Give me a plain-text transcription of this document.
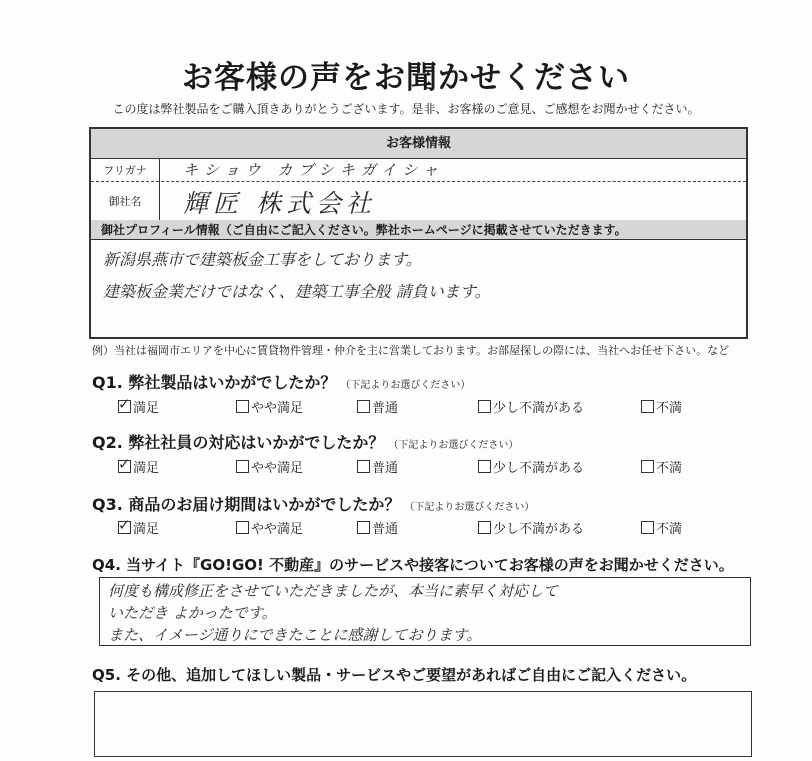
お客様の声をお聞かせください
この度は弊社製品をご購入頂きありがとうございます。是非、お客様のご意見、ご感想をお聞かせください。
お客様情報
フリガナ	キショウ カブシキガイシャ
御社名	輝匠 株式会社
御社プロフィール情報（ご自由にご記入ください。弊社ホームページに掲載させていただきます。
新潟県燕市で建築板金工事をしております。
建築板金業だけではなく、建築工事全般 請負います。
例）当社は福岡市エリアを中心に賃貸物件管理・仲介を主に営業しております。お部屋探しの際には、当社へお任せ下さい。など
Q1. 弊社製品はいかがでしたか？ （下記よりお選びください）
✓ 満足	やや満足	普通	少し不満がある	不満
Q2. 弊社社員の対応はいかがでしたか？ （下記よりお選びください）
✓ 満足	やや満足	普通	少し不満がある	不満
Q3. 商品のお届け期間はいかがでしたか？ （下記よりお選びください）
✓ 満足	やや満足	普通	少し不満がある	不満
Q4. 当サイト『GO!GO! 不動産』のサービスや接客についてお客様の声をお聞かせください。
何度も構成修正をさせていただきましたが、本当に素早く対応して
いただき よかったです。
また、イメージ通りにできたことに感謝しております。
Q5. その他、追加してほしい製品・サービスやご要望があればご自由にご記入ください。
